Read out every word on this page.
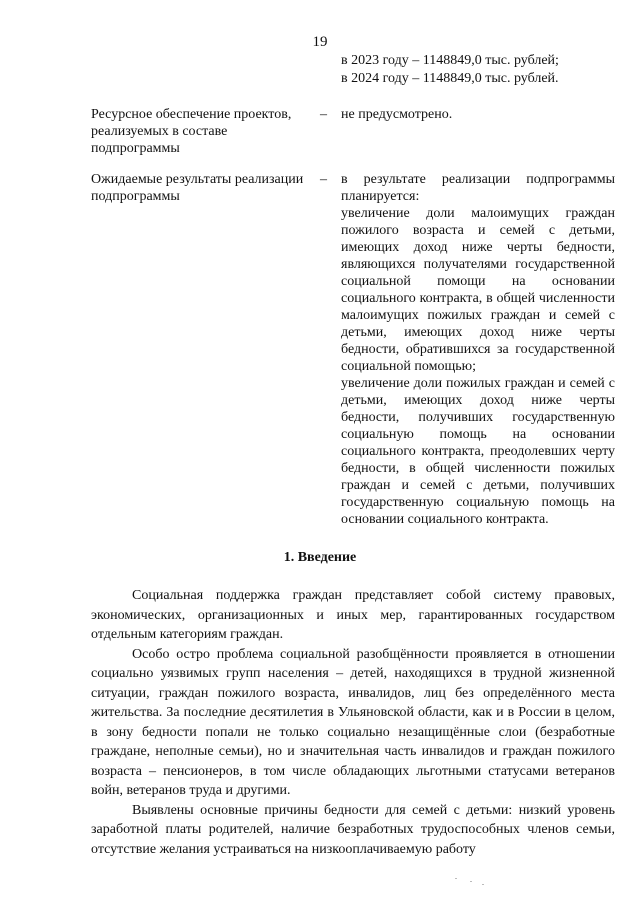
19
в 2023 году – 1148849,0 тыс. рублей;
в 2024 году – 1148849,0 тыс. рублей.
Ресурсное обеспечение проектов, реализуемых в составе подпрограммы
– не предусмотрено.
Ожидаемые результаты реализации подпрограммы
– в результате реализации подпрограммы планируется:
увеличение доли малоимущих граждан пожилого возраста и семей с детьми, имеющих доход ниже черты бедности, являющихся получателями государственной социальной помощи на основании социального контракта, в общей численности малоимущих пожилых граждан и семей с детьми, имеющих доход ниже черты бедности, обратившихся за государственной социальной помощью;
увеличение доли пожилых граждан и семей с детьми, имеющих доход ниже черты бедности, получивших государственную социальную помощь на основании социального контракта, преодолевших черту бедности, в общей численности пожилых граждан и семей с детьми, получивших государственную социальную помощь на основании социального контракта.
1. Введение

Социальная поддержка граждан представляет собой систему правовых, экономических, организационных и иных мер, гарантированных государством отдельным категориям граждан.

Особо остро проблема социальной разобщённости проявляется в отношении социально уязвимых групп населения – детей, находящихся в трудной жизненной ситуации, граждан пожилого возраста, инвалидов, лиц без определённого места жительства. За последние десятилетия в Ульяновской области, как и в России в целом, в зону бедности попали не только социально незащищённые слои (безработные граждане, неполные семьи), но и значительная часть инвалидов и граждан пожилого возраста – пенсионеров, в том числе обладающих льготными статусами ветеранов войн, ветеранов труда и другими.

Выявлены основные причины бедности для семей с детьми: низкий уровень заработной платы родителей, наличие безработных трудоспособных членов семьи, отсутствие желания устраиваться на низкооплачиваемую работу
